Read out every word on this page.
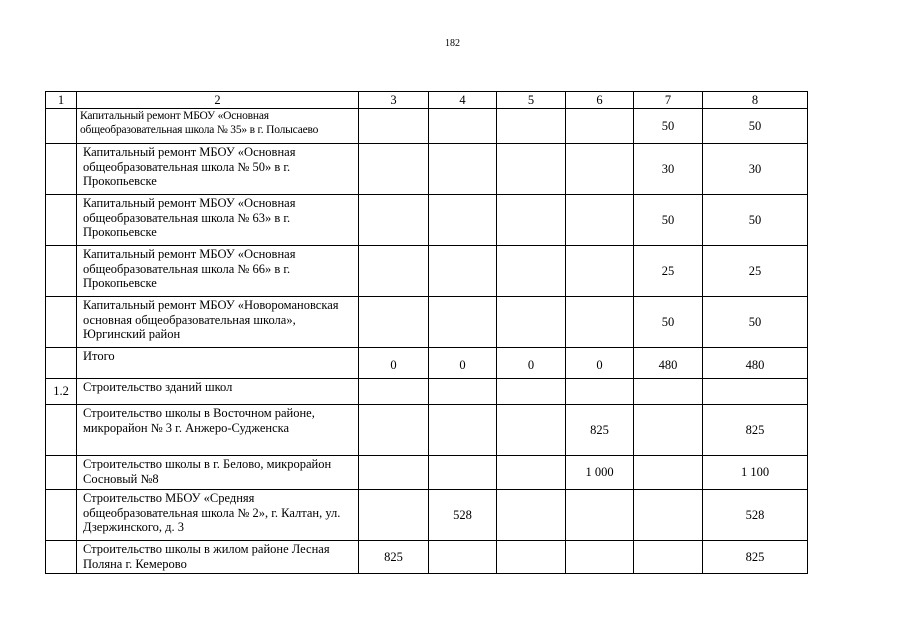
182
1	2	3	4	5	6	7	8
	Капитальный ремонт МБОУ «Основная общеобразовательная школа № 35» в г. Полысаево					50	50
	Капитальный ремонт МБОУ «Основная общеобразовательная школа № 50» в г. Прокопьевске					30	30
	Капитальный ремонт МБОУ «Основная общеобразовательная школа № 63» в г. Прокопьевске					50	50
	Капитальный ремонт МБОУ «Основная общеобразовательная школа № 66» в г. Прокопьевске					25	25
	Капитальный ремонт МБОУ «Новоромановская основная общеобразовательная школа», Юргинский район					50	50
	Итого	0	0	0	0	480	480
1.2	Строительство зданий школ						
	Строительство школы в Восточном районе, микрорайон № 3 г. Анжеро-Судженска				825		825
	Строительство школы в г. Белово, микрорайон Сосновый №8				1 000		1 100
	Строительство МБОУ «Средняя общеобразовательная школа № 2», г. Калтан, ул. Дзержинского, д. 3		528				528
	Строительство школы в жилом районе Лесная Поляна г. Кемерово	825					825
